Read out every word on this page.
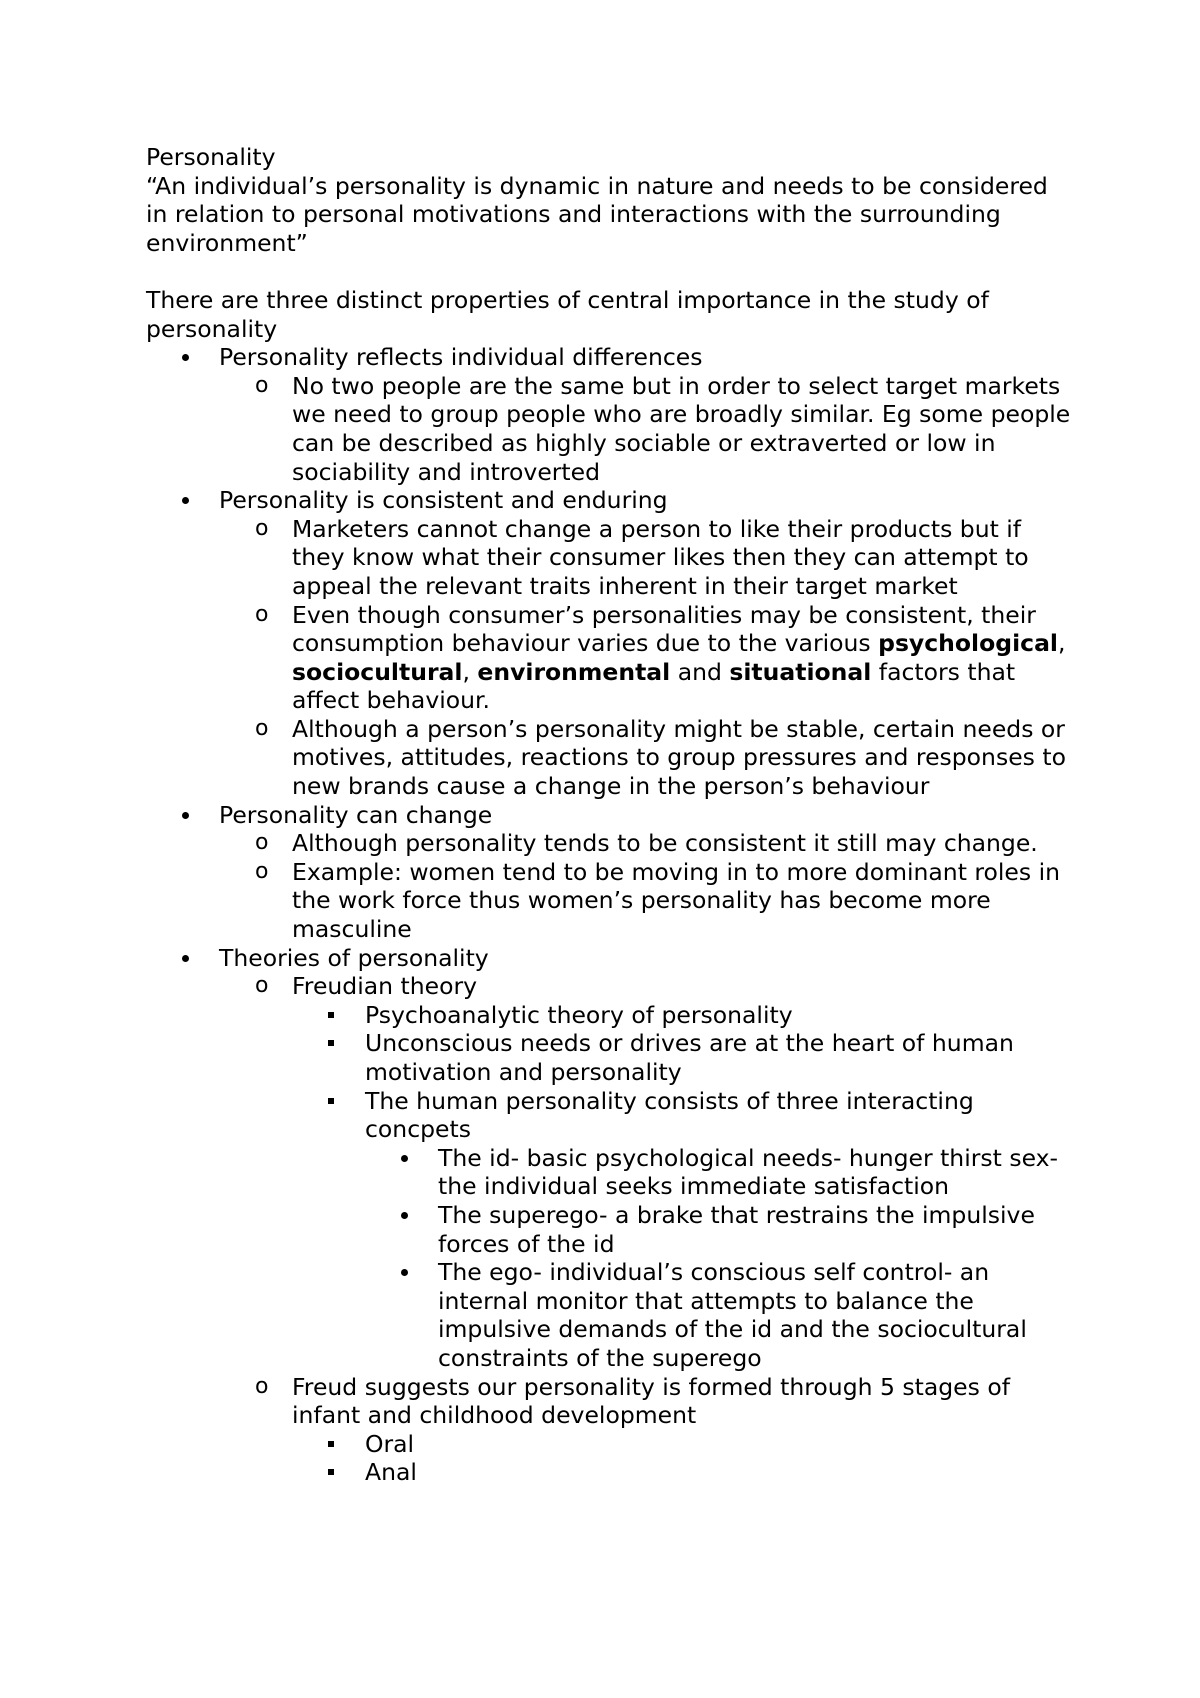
Personality

“An individual’s personality is dynamic in nature and needs to be considered in relation to personal motivations and interactions with the surrounding environment”

There are three distinct properties of central importance in the study of personality

Personality reflects individual differences
o No two people are the same but in order to select target markets we need to group people who are broadly similar. Eg some people can be described as highly sociable or extraverted or low in sociability and introverted
Personality is consistent and enduring
o Marketers cannot change a person to like their products but if they know what their consumer likes then they can attempt to appeal the relevant traits inherent in their target market
o Even though consumer’s personalities may be consistent, their consumption behaviour varies due to the various psychological, sociocultural, environmental and situational factors that affect behaviour.
o Although a person’s personality might be stable, certain needs or motives, attitudes, reactions to group pressures and responses to new brands cause a change in the person’s behaviour
Personality can change
o Although personality tends to be consistent it still may change.
o Example: women tend to be moving in to more dominant roles in the work force thus women’s personality has become more masculine
Theories of personality
o Freudian theory
Psychoanalytic theory of personality
Unconscious needs or drives are at the heart of human motivation and personality
The human personality consists of three interacting concpets
The id- basic psychological needs- hunger thirst sex- the individual seeks immediate satisfaction
The superego- a brake that restrains the impulsive forces of the id
The ego- individual’s conscious self control- an internal monitor that attempts to balance the impulsive demands of the id and the sociocultural constraints of the superego
o Freud suggests our personality is formed through 5 stages of infant and childhood development
Oral
Anal
